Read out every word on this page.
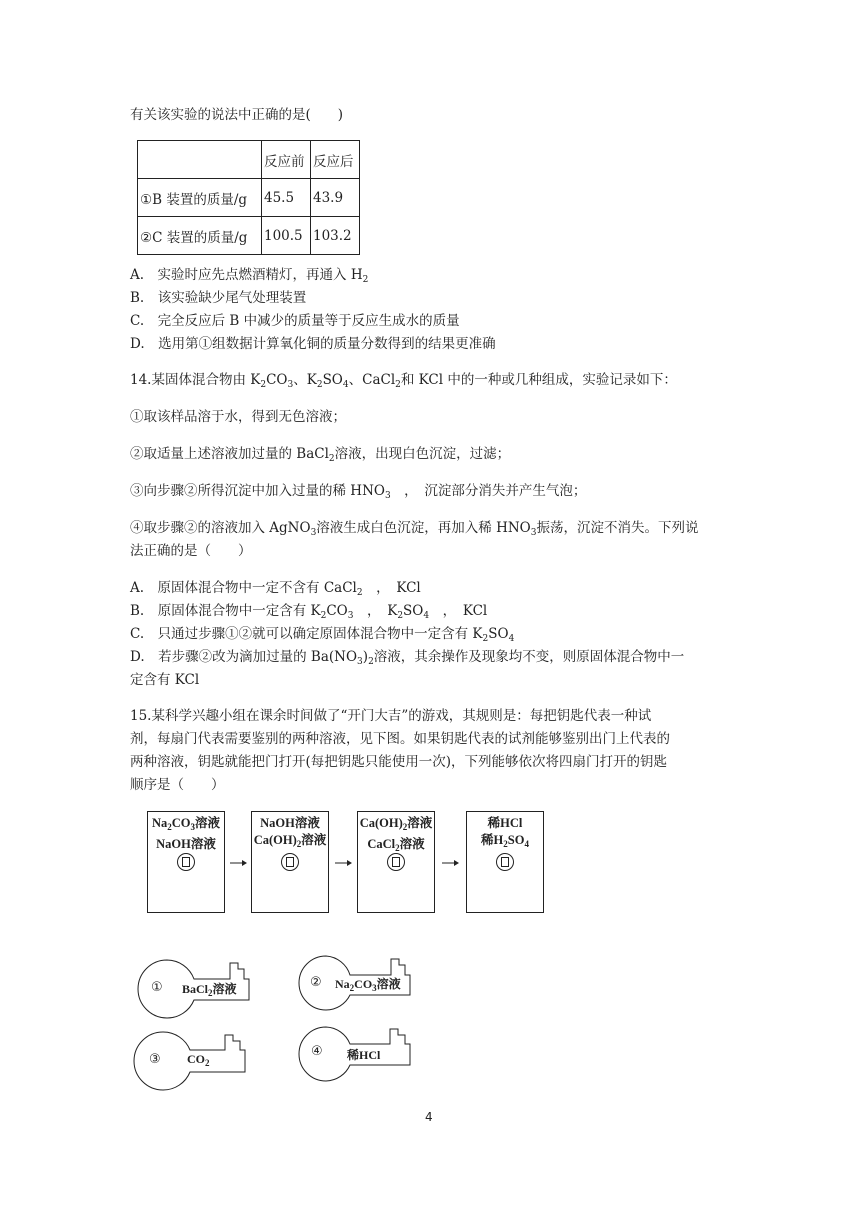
有关该实验的说法中正确的是(　　)
	反应前	反应后
①B 装置的质量/g	45.5	43.9
②C 装置的质量/g	100.5	103.2
A.　实验时应先点燃酒精灯，再通入 $H_2$
B.　该实验缺少尾气处理装置
C.　完全反应后 B 中减少的质量等于反应生成水的质量
D.　选用第①组数据计算氧化铜的质量分数得到的结果更准确
14.某固体混合物由 $K_2CO_3$、$K_2SO_4$、CaCl$_2$和 KCl 中的一种或几种组成，实验记录如下：
①取该样品溶于水，得到无色溶液；
②取适量上述溶液加过量的 BaCl$_2$溶液，出现白色沉淀，过滤；
③向步骤②所得沉淀中加入过量的稀 $HNO_3$　，　沉淀部分消失并产生气泡；
④取步骤②的溶液加入 AgNO$_3$溶液生成白色沉淀，再加入稀 $HNO_3$振荡，沉淀不消失。下列说
法正确的是（　　）
A.　原固体混合物中一定不含有 CaCl$_2$　，　KCl
B.　原固体混合物中一定含有 $K_2CO_3$　，　$K_2SO_4$　，　KCl
C.　只通过步骤①②就可以确定原固体混合物中一定含有 $K_2SO_4$
D.　若步骤②改为滴加过量的 $Ba(NO_3)_2$溶液，其余操作及现象均不变，则原固体混合物中一
定含有 KCl
15.某科学兴趣小组在课余时间做了“开门大吉”的游戏，其规则是：每把钥匙代表一种试
剂，每扇门代表需要鉴别的两种溶液，见下图。如果钥匙代表的试剂能够鉴别出门上代表的
两种溶液，钥匙就能把门打开(每把钥匙只能使用一次)，下列能够依次将四扇门打开的钥匙
顺序是（　　）
$Na_2CO_3$溶液
NaOH溶液
NaOH溶液
$Ca(OH)_2$溶液
$Ca(OH)_2$溶液
CaCl$_2$溶液
稀HCl
稀$H_2SO_4$
① BaCl$_2$溶液	② $Na_2CO_3$溶液
③ $CO_2$
④ 稀HCl
4
